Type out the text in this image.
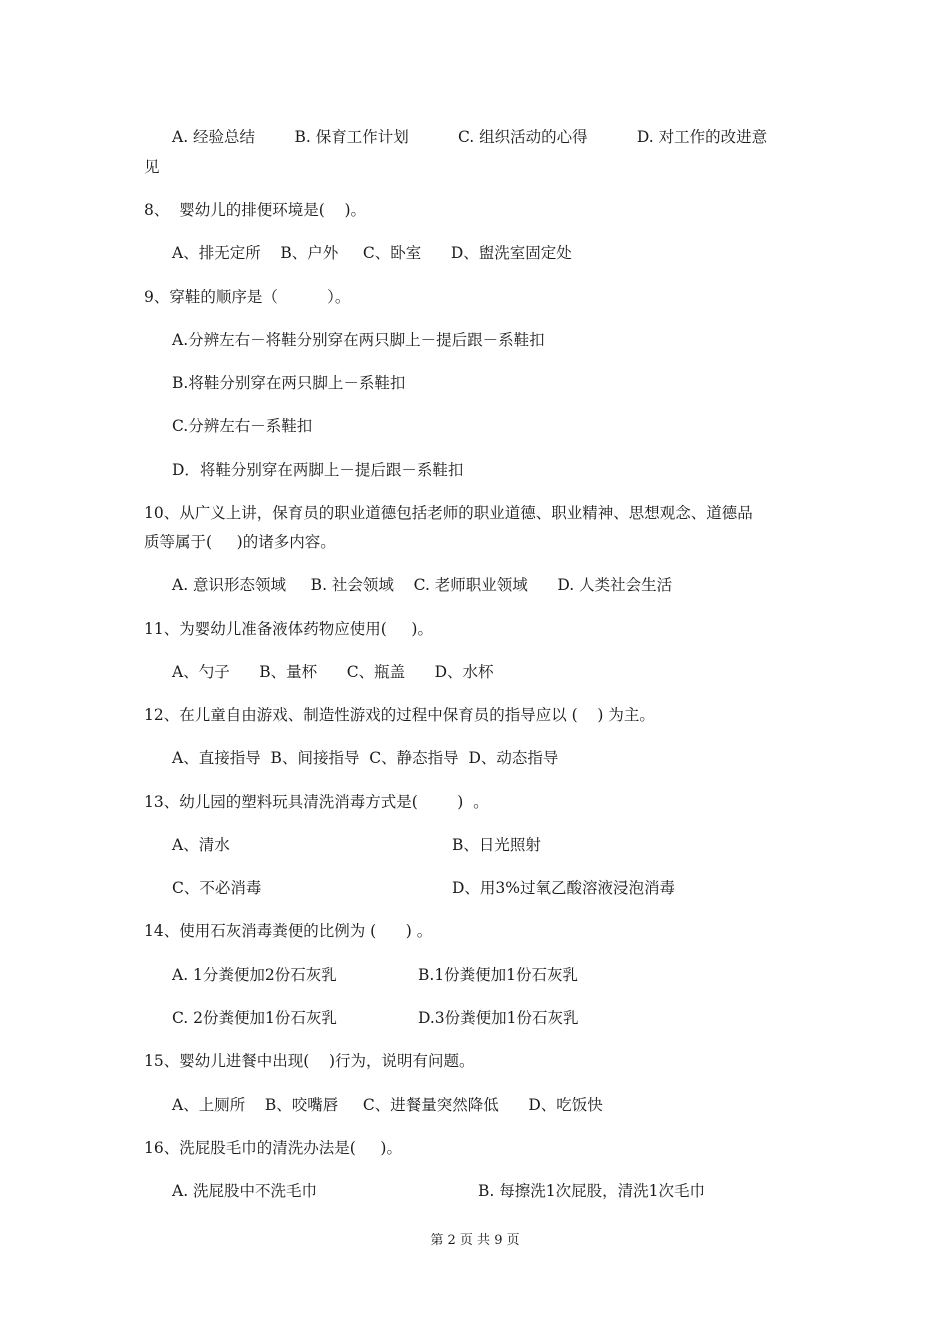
A. 经验总结        B. 保育工作计划          C. 组织活动的心得          D. 对工作的改进意
见
8、  婴幼儿的排便环境是(    )。
A、排无定所    B、户外     C、卧室      D、盥洗室固定处
9、穿鞋的顺序是（          ）。
A.分辨左右－将鞋分别穿在两只脚上－提后跟－系鞋扣
B.将鞋分别穿在两只脚上－系鞋扣
C.分辨左右－系鞋扣
D．将鞋分别穿在两脚上－提后跟－系鞋扣
10、从广义上讲，保育员的职业道德包括老师的职业道德、职业精神、思想观念、道德品
质等属于(     )的诸多内容。
A. 意识形态领域     B. 社会领域    C. 老师职业领域      D. 人类社会生活
11、为婴幼儿准备液体药物应使用(     )。
A、勺子      B、量杯      C、瓶盖      D、水杯
12、在儿童自由游戏、制造性游戏的过程中保育员的指导应以 (    ) 为主。
A、直接指导  B、间接指导  C、静态指导  D、动态指导
13、幼儿园的塑料玩具清洗消毒方式是(        )  。
A、清水	B、日光照射
C、不必消毒	D、用3%过氧乙酸溶液浸泡消毒
14、使用石灰消毒粪便的比例为 (      ) 。
A. 1分粪便加2份石灰乳	B.1份粪便加1份石灰乳
C. 2份粪便加1份石灰乳	D.3份粪便加1份石灰乳
15、婴幼儿进餐中出现(    )行为，说明有问题。
A、上厕所    B、咬嘴唇     C、进餐量突然降低      D、吃饭快
16、洗屁股毛巾的清洗办法是(     )。
A. 洗屁股中不洗毛巾	B. 每擦洗1次屁股，清洗1次毛巾
第 2 页 共 9 页
